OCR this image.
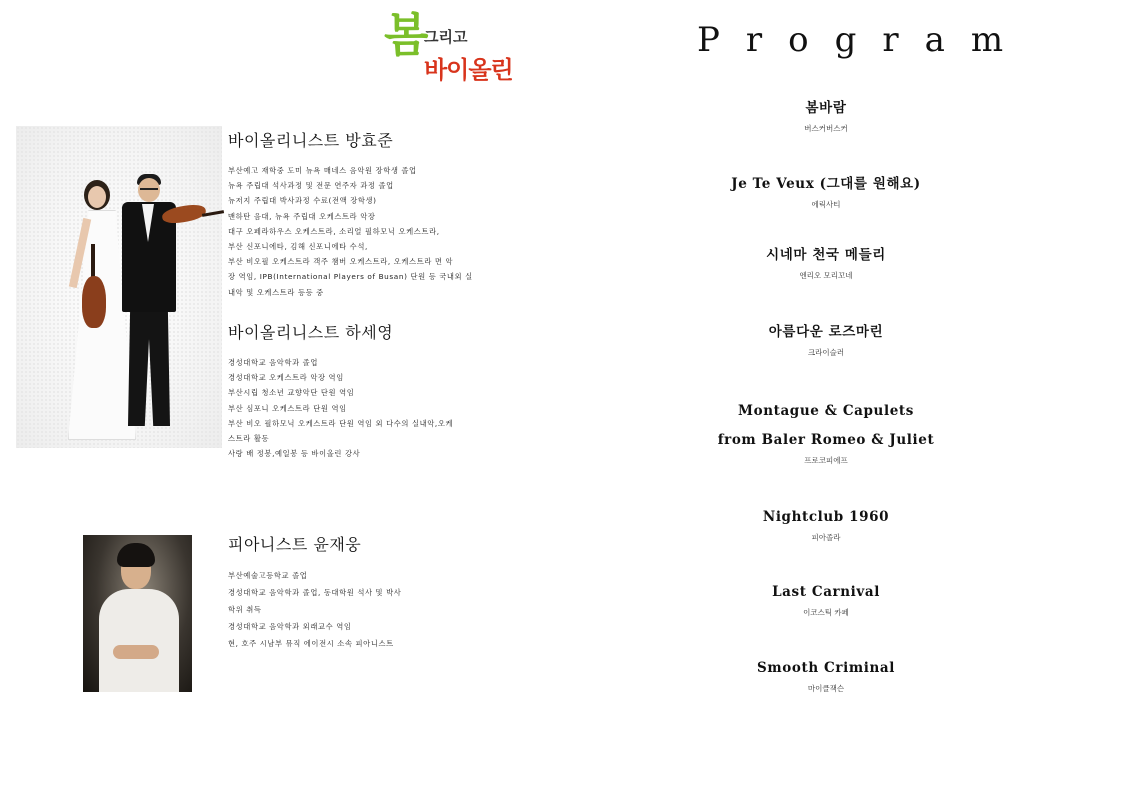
봄 그리고
바이올린
바이올리니스트 방효준
부산예고 재학중 도미 뉴욕 매네스 음악원 장학생 졸업
뉴욕 주립대 석사과정 및 전문 연주자 과정 졸업
뉴저지 주립대 박사과정 수료(전액 장학생)
맨하탄 음대, 뉴욕 주립대 오케스트라 악장
대구 오페라하우스 오케스트라, 소리얼 필하모닉 오케스트라,
부산 신포니에타, 김해 신포니에타 수석,
부산 비오필 오케스트라 객주 챔버 오케스트라, 오케스트라 면 악
장 역임, IPB(International Players of Busan) 단원 등 국내외 실
내악 및 오케스트라 등등 중
바이올리니스트 하세영
경성대학교 음악학과 졸업
경성대학교 오케스트라 악장 역임
부산시립 청소년 교향악단 단원 역임
부산 심포니 오케스트라 단원 역임
부산 비오 필하모닉 오케스트라 단원 역임 외 다수의 실내악,오케
스트라 활동
사랑 배 정봉,예일봉 등 바이올린 강사
피아니스트 윤재웅
부산예술고등학교 졸업
경성대학교 음악학과 졸업, 동대학원 석사 및 박사
학위 취득
경성대학교 음악학과 외래교수 역임
현, 호주 시남부 뮤직 에이전시 소속 피아니스트
Program
봄바람
버스커버스커
Je Te Veux (그대를 원해요)
에릭사티
시네마 천국 메들리
엔리오 모리꼬네
아름다운 로즈마린
크라이슬러
Montague & Capulets
from Baler Romeo & Juliet
프로코피에프
Nightclub 1960
피아졸라
Last Carnival
이코스틱 카페
Smooth Criminal
마이클잭슨
